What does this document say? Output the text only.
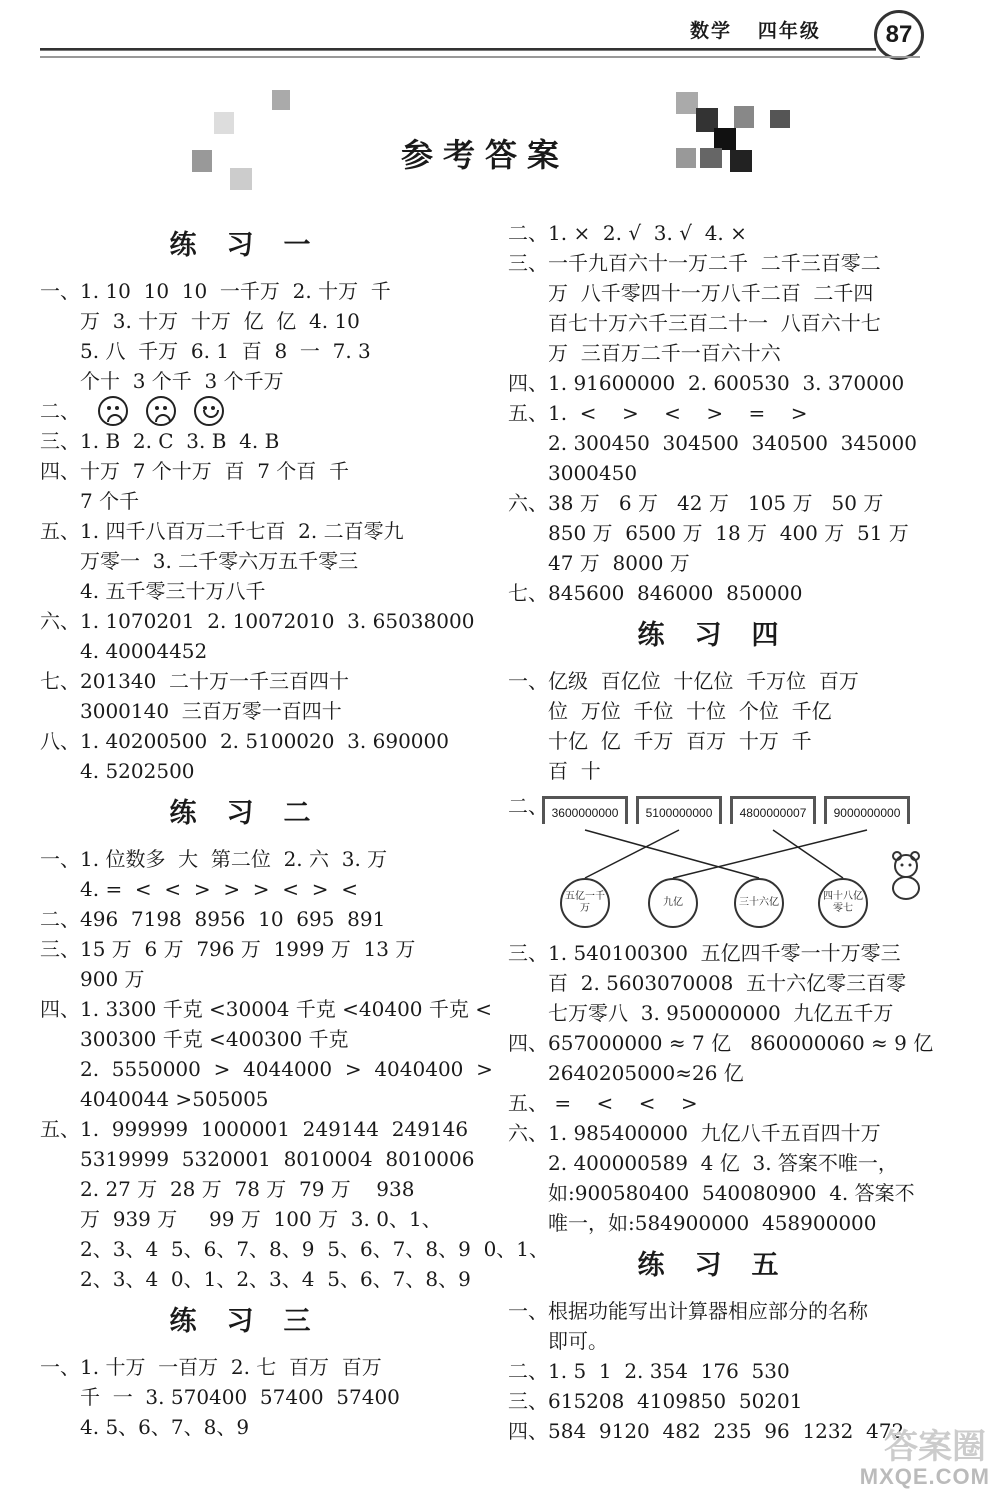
数学 四年级	87
参考答案
练习一
一、1. 10  10  10  一千万  2. 十万  千
万  3. 十万  十万  亿  亿  4. 10
5. 八  千万  6. 1  百  8  一  7. 3
个十  3 个千  3 个千万
二、
三、1. B  2. C  3. B  4. B
四、十万  7 个十万  百  7 个百  千
7 个千
五、1. 四千八百万二千七百  2. 二百零九
万零一  3. 二千零六万五千零三
4. 五千零三十万八千
六、1. 1070201  2. 10072010  3. 65038000
4. 40004452
七、201340  二十万一千三百四十
3000140  三百万零一百四十
八、1. 40200500  2. 5100020  3. 690000
4. 5202500
练习二
一、1. 位数多  大  第二位  2. 六  3. 万
4. =  <  <  >  >  >  <  >  <
二、496  7198  8956  10  695  891
三、15 万  6 万  796 万  1999 万  13 万
900 万
四、1. 3300 千克 <30004 千克 <40400 千克 <
300300 千克 <400300 千克
2.  5550000  >  4044000  >  4040400  >
4040044 >505005
五、1.  999999  1000001  249144  249146
5319999  5320001  8010004  8010006
2. 27 万  28 万  78 万  79 万    938
万  939 万     99 万  100 万  3. 0、1、
2、3、4  5、6、7、8、9  5、6、7、8、9  0、1、
2、3、4  0、1、2、3、4  5、6、7、8、9
练习三
一、1. 十万  一百万  2. 七  百万  百万
千  一  3. 570400  57400  57400
4. 5、6、7、8、9
二、1. ×  2. √  3. √  4. ×
三、一千九百六十一万二千  二千三百零二
万  八千零四十一万八千二百  二千四
百七十万六千三百二十一  八百六十七
万  三百万二千一百六十六
四、1. 91600000  2. 600530  3. 370000
五、1.  <    >    <    >    =    >
2. 300450  304500  340500  345000
3000450
六、38 万   6 万   42 万   105 万   50 万
850 万  6500 万  18 万  400 万  51 万
47 万  8000 万
七、845600  846000  850000
练习四
一、亿级  百亿位  十亿位  千万位  百万
位  万位  千位  十位  个位  千亿
十亿  亿  千万  百万  十万  千
百  十
二、 3600000000	5100000000	4800000007	9000000000
五亿一千万
九亿	三十六亿
四十八亿零七
三、1. 540100300  五亿四千零一十万零三
百  2. 5603070008  五十六亿零三百零
七万零八  3. 950000000  九亿五千万
四、657000000 ≈ 7 亿   860000060 ≈ 9 亿
2640205000≈26 亿
五、 =    <    <    >
六、1. 985400000  九亿八千五百四十万
2. 400000589  4 亿  3. 答案不唯一，
如:900580400  540080900  4. 答案不
唯一，如:584900000  458900000
练习五
一、根据功能写出计算器相应部分的名称
即可。
二、1. 5  1  2. 354  176  530
三、615208  4109850  50201
四、584  9120  482  235  96  1232  472
答案圈
MXQE.COM
